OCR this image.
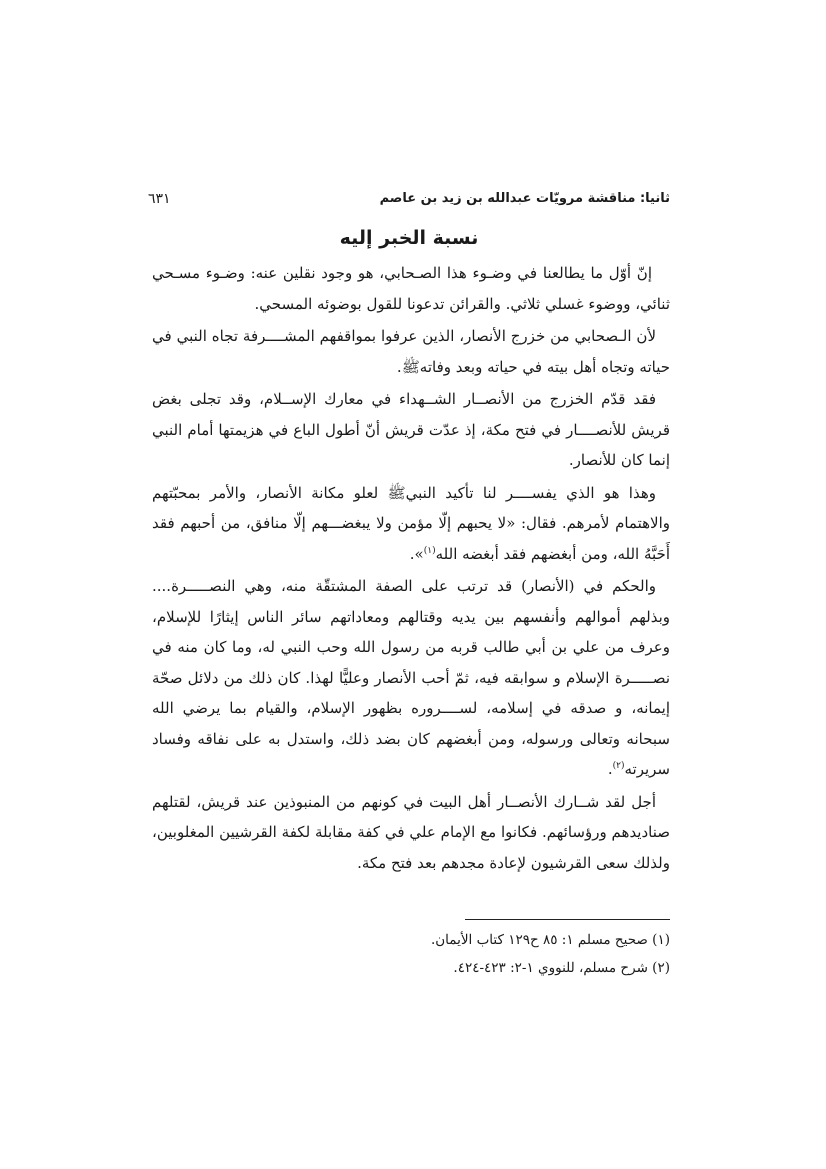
ثانيا: مناقشة مرويّات عبدالله بن زيد بن عاصم
٦٣١
نسبة الخبر إليه

إنّ أوّل ما يطالعنا في وضـوء هذا الصـحابي، هو وجود نقلين عنه: وضـوء مسـحي ثنائي، ووضوء غسلي ثلاثي. والقرائن تدعونا للقول بوضوئه المسحي.

لأن الـصحابي من خزرج الأنصار، الذين عرفوا بمواقفهم المشــــرفة تجاه النبي في حياته وتجاه أهل بيته في حياته وبعد وفاتهﷺ.

فقد قدّم الخزرج من الأنصــار الشــهداء في معارك الإســلام، وقد تجلى بغض قريش للأنصــــار في فتح مكة، إذ عدّت قريش أنّ أطول الباع في هزيمتها أمام النبي إنما كان للأنصار.

وهذا هو الذي يفســــر لنا تأكيد النبيﷺ لعلو مكانة الأنصار، والأمر بمحبّتهم والاهتمام لأمرهم. فقال: «لا يحبهم إلّا مؤمن ولا يبغضـــهم إلّا منافق، من أحبهم فقد أَحَبَّهُ الله، ومن أبغضهم فقد أبغضه الله$^{(١)}$».

والحكم في (الأنصار) قد ترتب على الصفة المشتقّة منه، وهي النصـــــرة.... وبذلهم أموالهم وأنفسهم بين يديه وقتالهم ومعاداتهم سائر الناس إيثارًا للإسلام، وعرف من علي بن أبي طالب قربه من رسول الله وحب النبي له، وما كان منه في نصـــــرة الإسلام و سوابقه فيه، ثمّ أحب الأنصار وعليًّا لهذا. كان ذلك من دلائل صحّة إيمانه، و صدقه في إسلامه، لســــروره بظهور الإسلام، والقيام بما يرضي الله سبحانه وتعالى ورسوله، ومن أبغضهم كان بضد ذلك، واستدل به على نفاقه وفساد سريرته$^{(٢)}$.

أجل لقد شــارك الأنصــار أهل البيت في كونهم من المنبوذين عند قريش، لقتلهم صناديدهم ورؤسائهم. فكانوا مع الإمام علي في كفة مقابلة لكفة القرشيين المغلوبين، ولذلك سعى القرشيون لإعادة مجدهم بعد فتح مكة.

(١) صحيح مسلم ١: ٨٥ ح١٢٩ كتاب الأيمان.

(٢) شرح مسلم، للنووي ١-٢: ٤٢٣-٤٢٤.
